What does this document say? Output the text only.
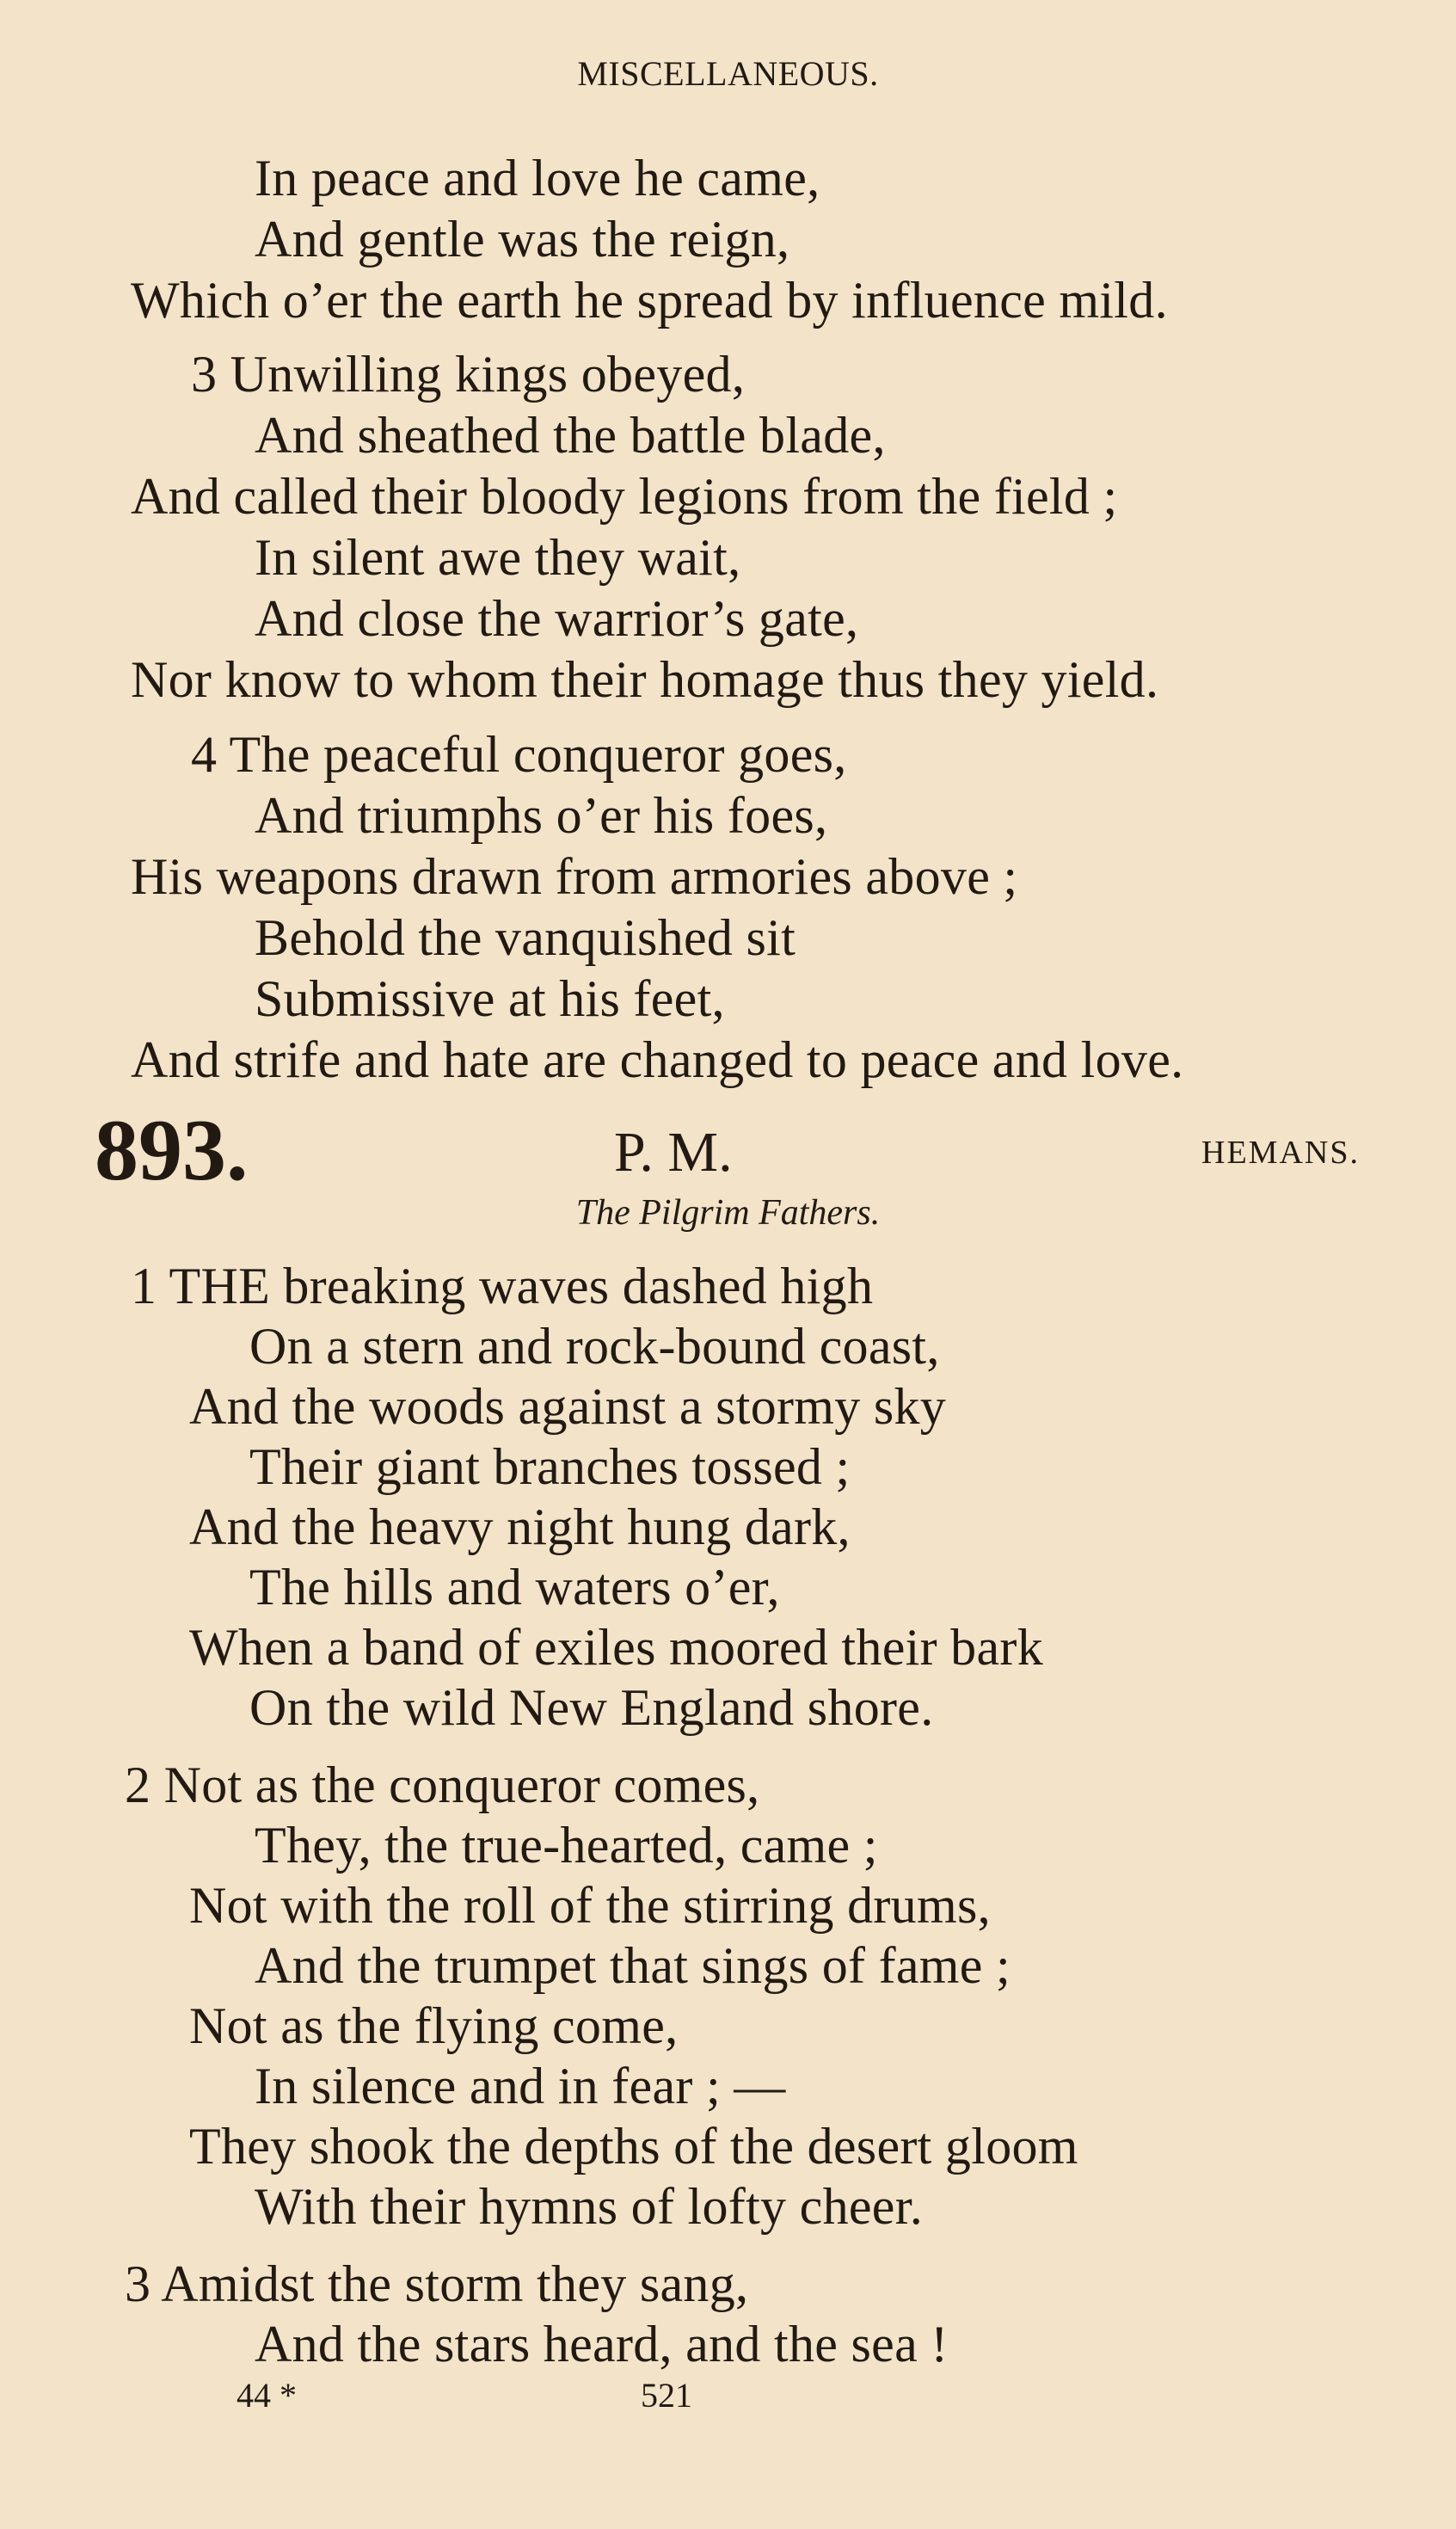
MISCELLANEOUS.
In peace and love he came,
And gentle was the reign,
Which o’er the earth he spread by influence mild.
3 Unwilling kings obeyed,
And sheathed the battle blade,
And called their bloody legions from the field ;
In silent awe they wait,
And close the warrior’s gate,
Nor know to whom their homage thus they yield.
4 The peaceful conqueror goes,
And triumphs o’er his foes,
His weapons drawn from armories above ;
Behold the vanquished sit
Submissive at his feet,
And strife and hate are changed to peace and love.
893.	P. M.	HEMANS.
The Pilgrim Fathers.
1 THE breaking waves dashed high
On a stern and rock-bound coast,
And the woods against a stormy sky
Their giant branches tossed ;
And the heavy night hung dark,
The hills and waters o’er,
When a band of exiles moored their bark
On the wild New England shore.
2 Not as the conqueror comes,
They, the true-hearted, came ;
Not with the roll of the stirring drums,
And the trumpet that sings of fame ;
Not as the flying come,
In silence and in fear ; —
They shook the depths of the desert gloom
With their hymns of lofty cheer.
3 Amidst the storm they sang,
And the stars heard, and the sea !
44 *	521
